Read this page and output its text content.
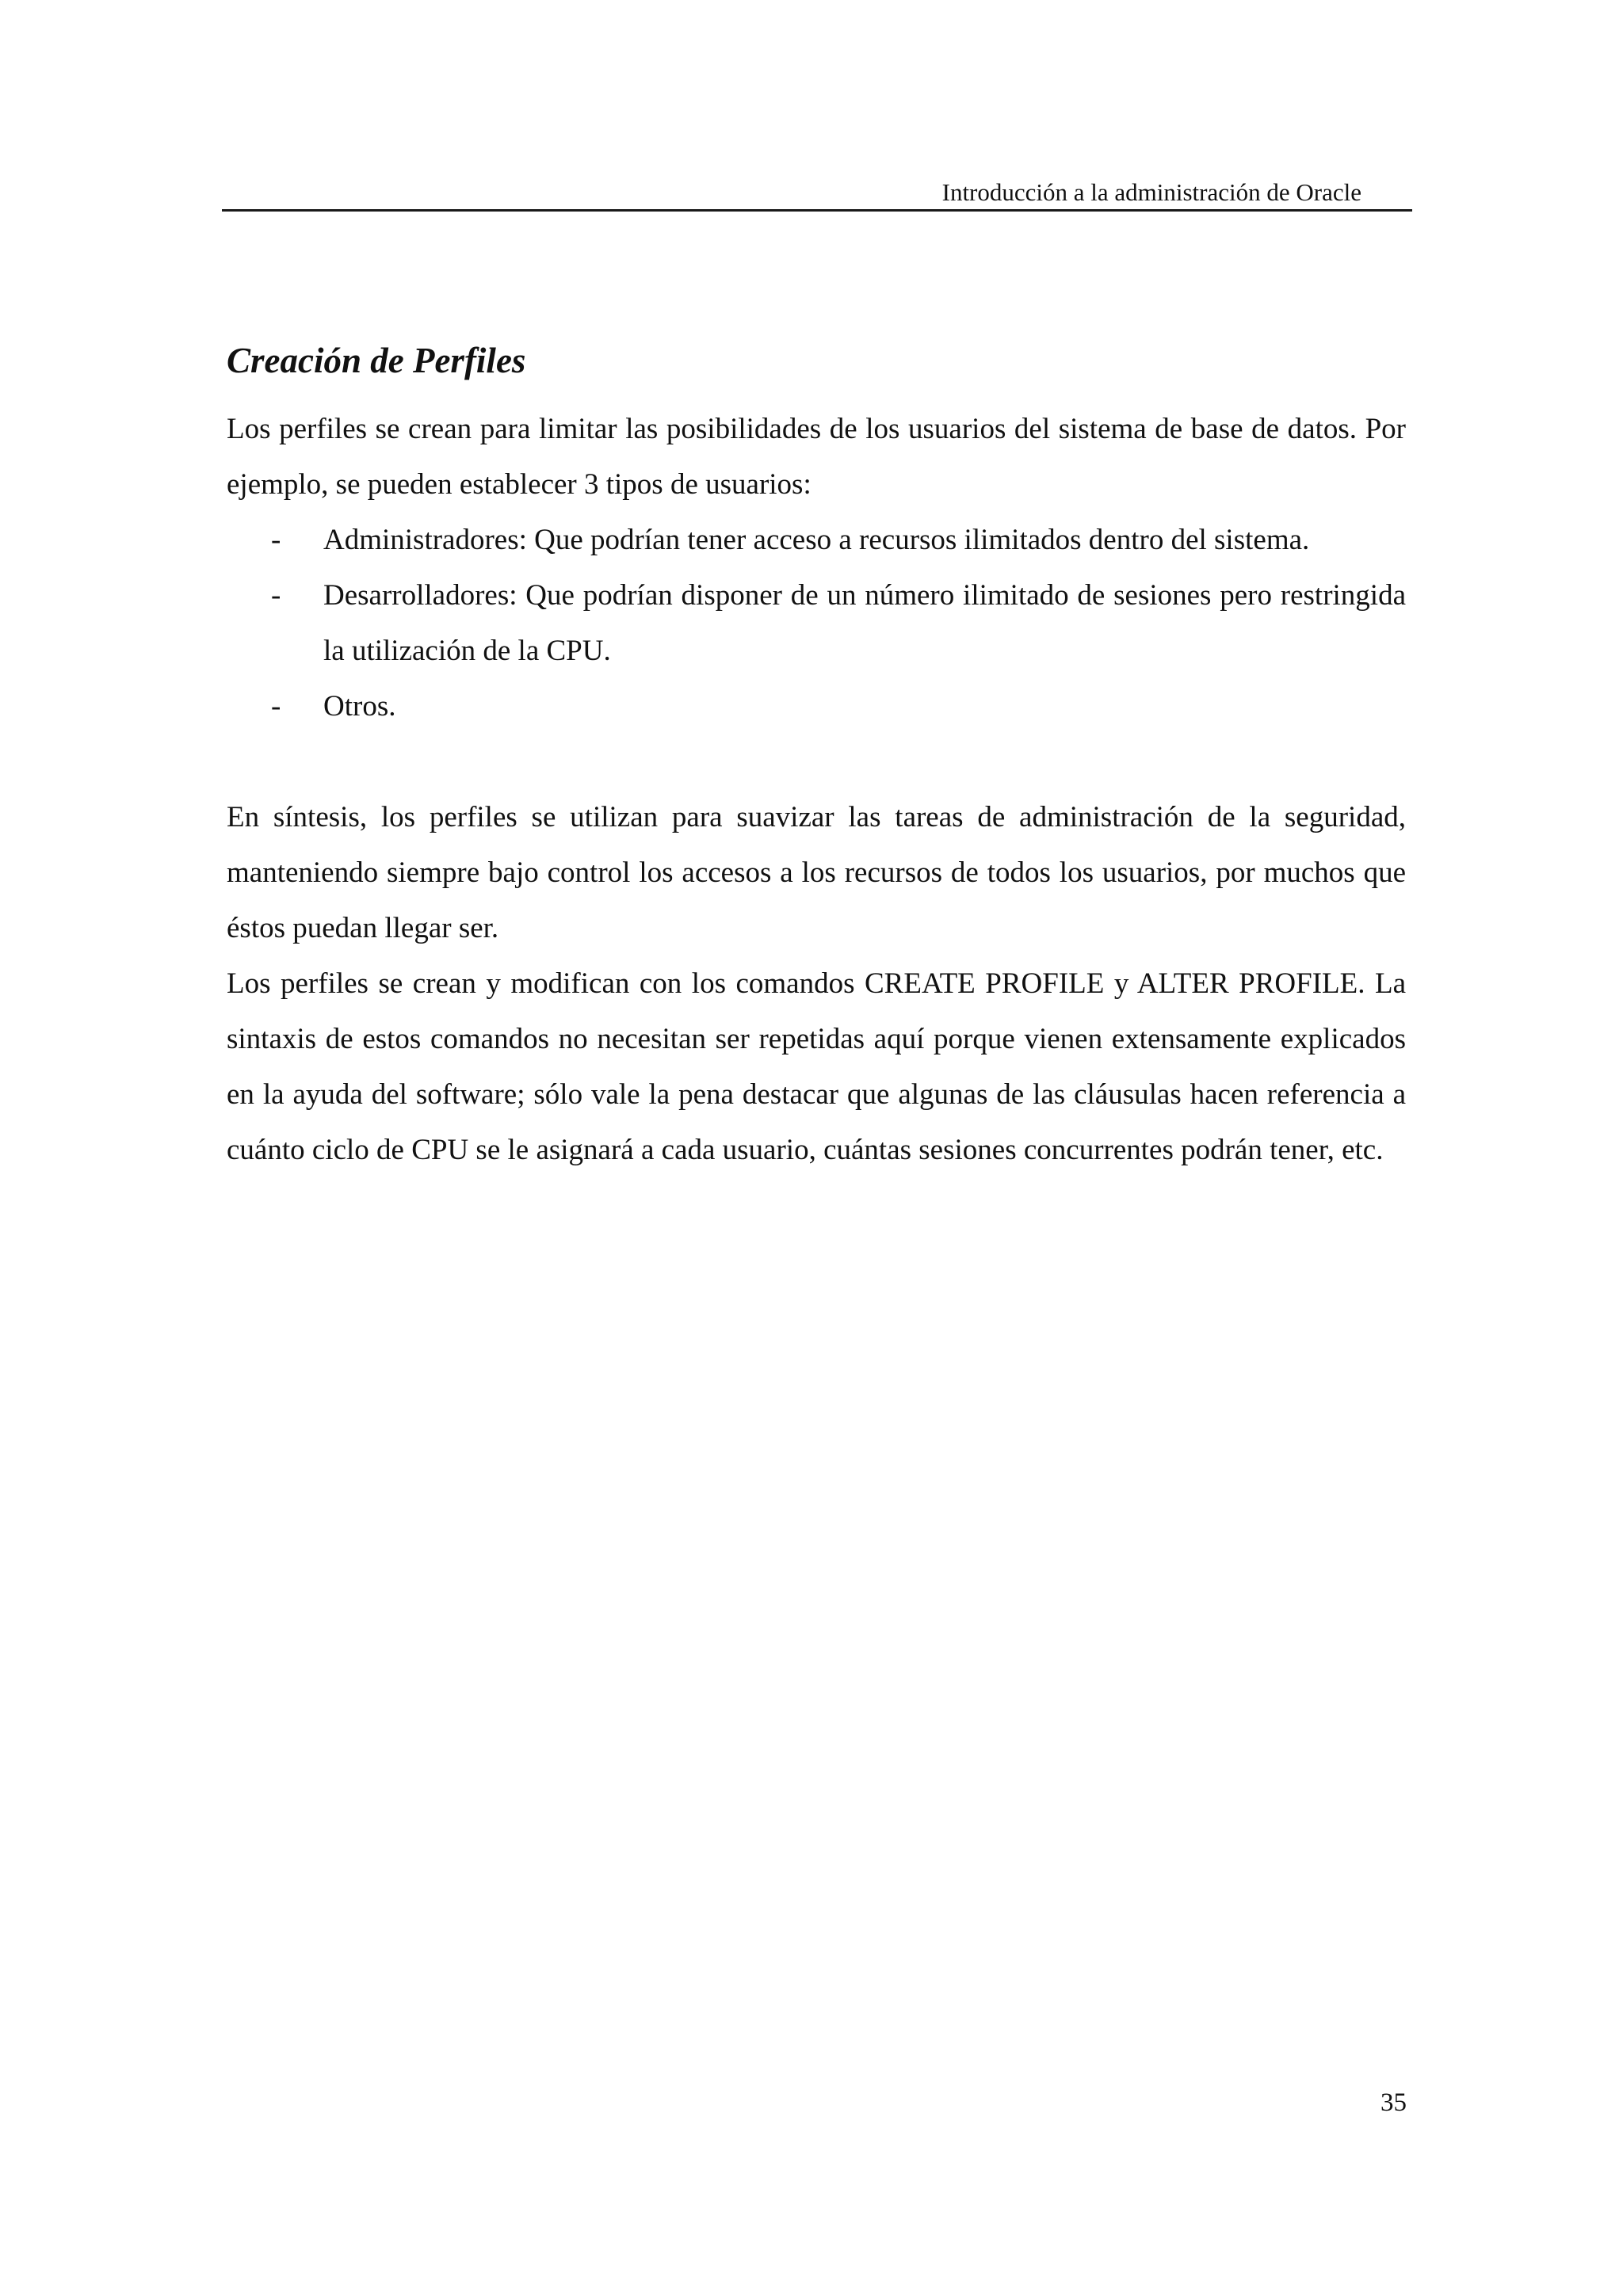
Introducción a la administración de Oracle
Creación de Perfiles

Los perfiles se crean para limitar las posibilidades de los usuarios del sistema de base de datos. Por ejemplo, se pueden establecer 3 tipos de usuarios:

- Administradores: Que podrían tener acceso a recursos ilimitados dentro del sistema.
- Desarrolladores: Que podrían disponer de un número ilimitado de sesiones pero restringida la utilización de la CPU.
- Otros.

En síntesis, los perfiles se utilizan para suavizar las tareas de administración de la seguridad, manteniendo siempre bajo control los accesos a los recursos de todos los usuarios, por muchos que éstos puedan llegar ser.

Los perfiles se crean y modifican con los comandos CREATE PROFILE y ALTER PROFILE. La sintaxis de estos comandos no necesitan ser repetidas aquí porque vienen extensamente explicados en la ayuda del software; sólo vale la pena destacar que algunas de las cláusulas hacen referencia a cuánto ciclo de CPU se le asignará a cada usuario, cuántas sesiones concurrentes podrán tener, etc.

35
